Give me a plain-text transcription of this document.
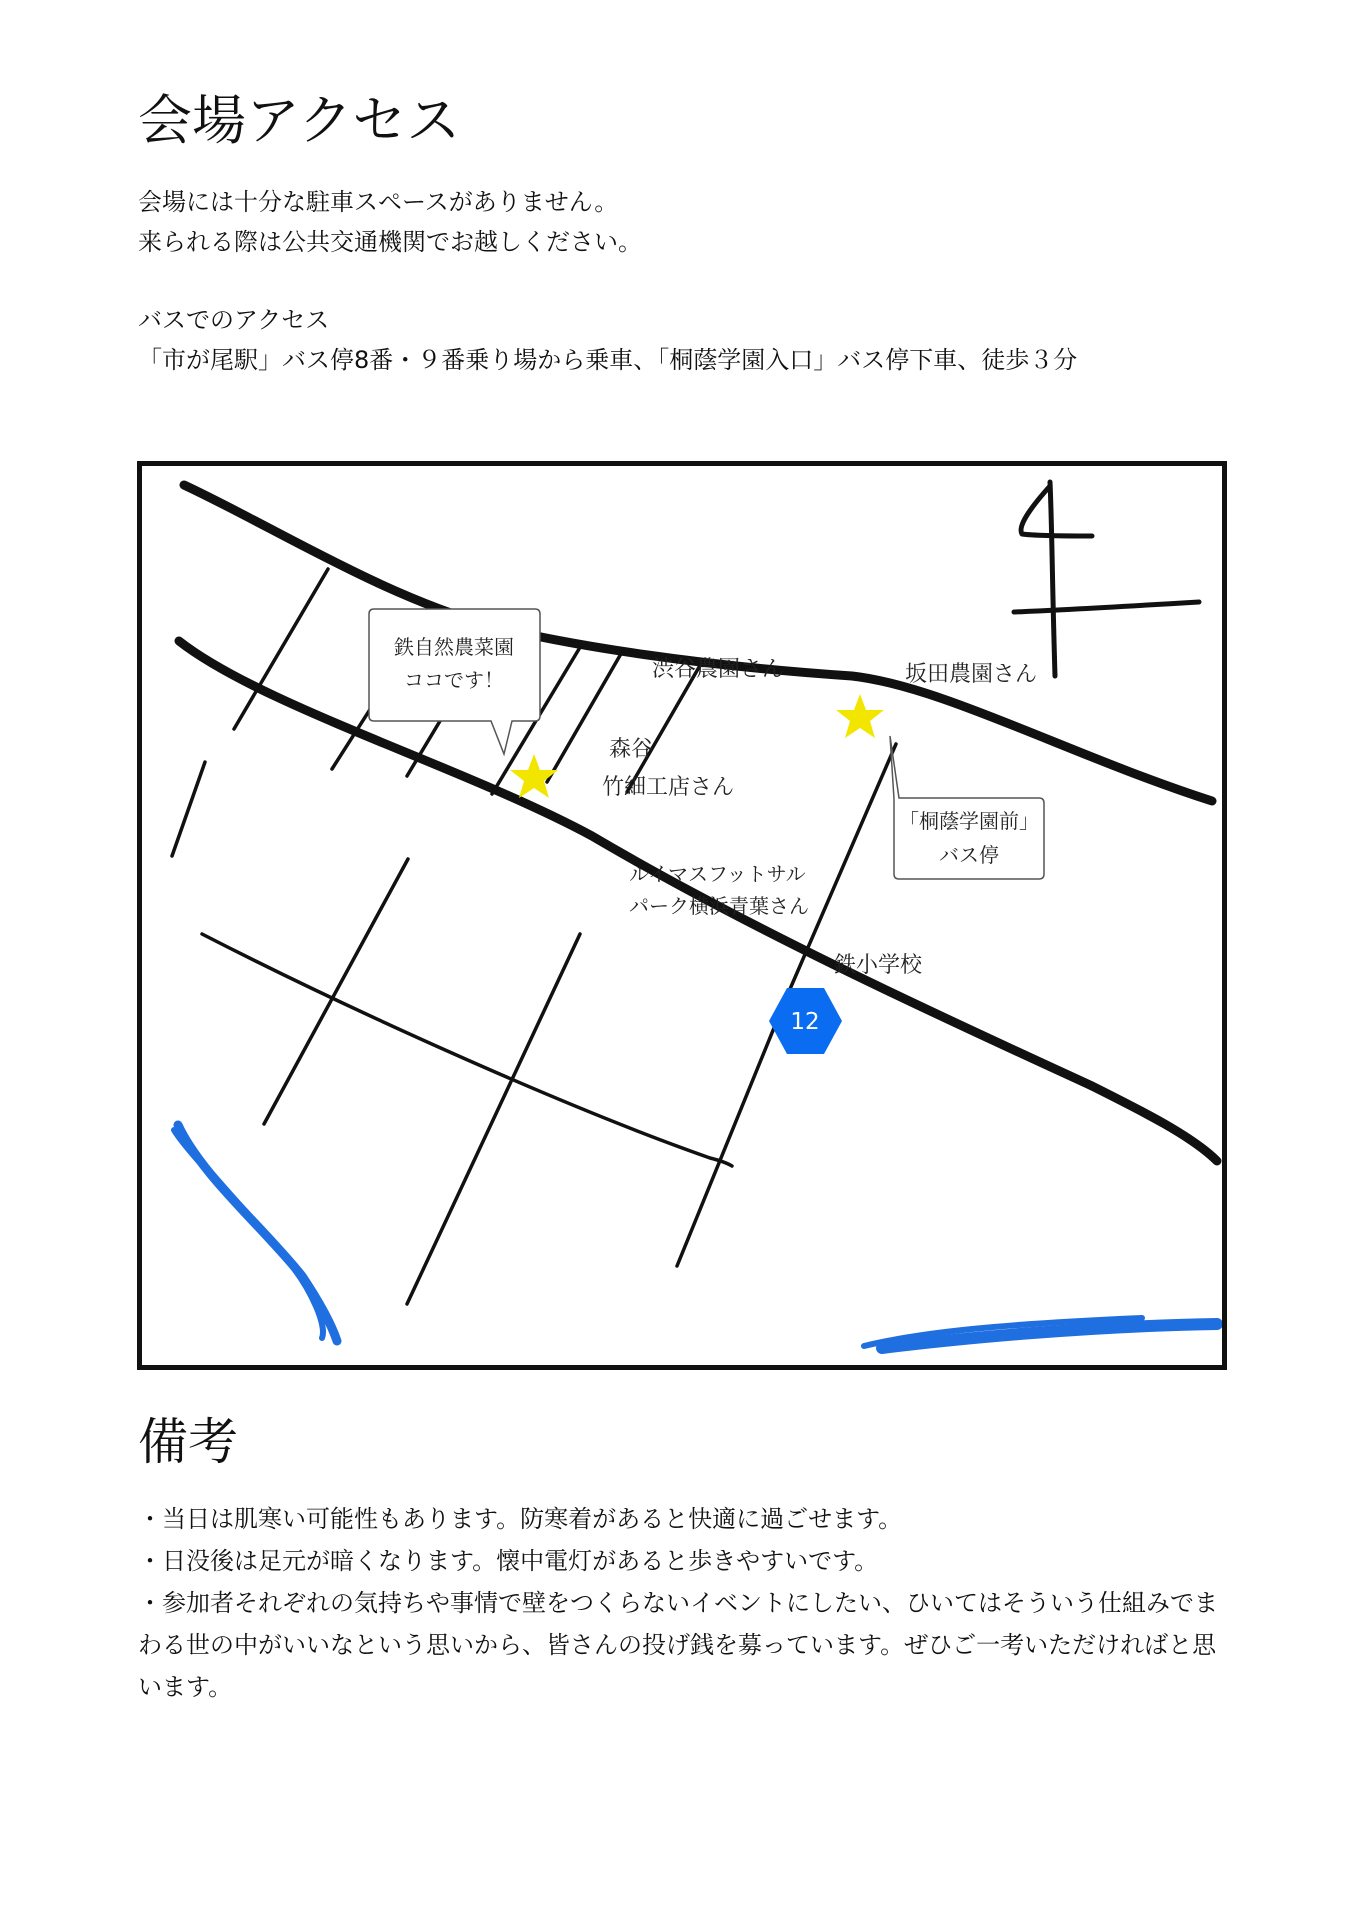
会場アクセス

会場には十分な駐車スペースがありません。

来られる際は公共交通機関でお越しください。

バスでのアクセス

「市が尾駅」バス停8番・９番乗り場から乗車、「桐蔭学園入口」バス停下車、徒歩３分

鉄自然農菜園
ココです！
「桐蔭学園前」
バス停
渋谷農園さん	坂田農園さん
森谷
竹細工店さん
ルイマスフットサル
パーク横浜青葉さん
鉄小学校
12
備考
・当日は肌寒い可能性もあります。防寒着があると快適に過ごせます。
・日没後は足元が暗くなります。懐中電灯があると歩きやすいです。
・参加者それぞれの気持ちや事情で壁をつくらないイベントにしたい、ひいてはそういう仕組みでまわる世の中がいいなという思いから、皆さんの投げ銭を募っています。ぜひご一考いただければと思います。
